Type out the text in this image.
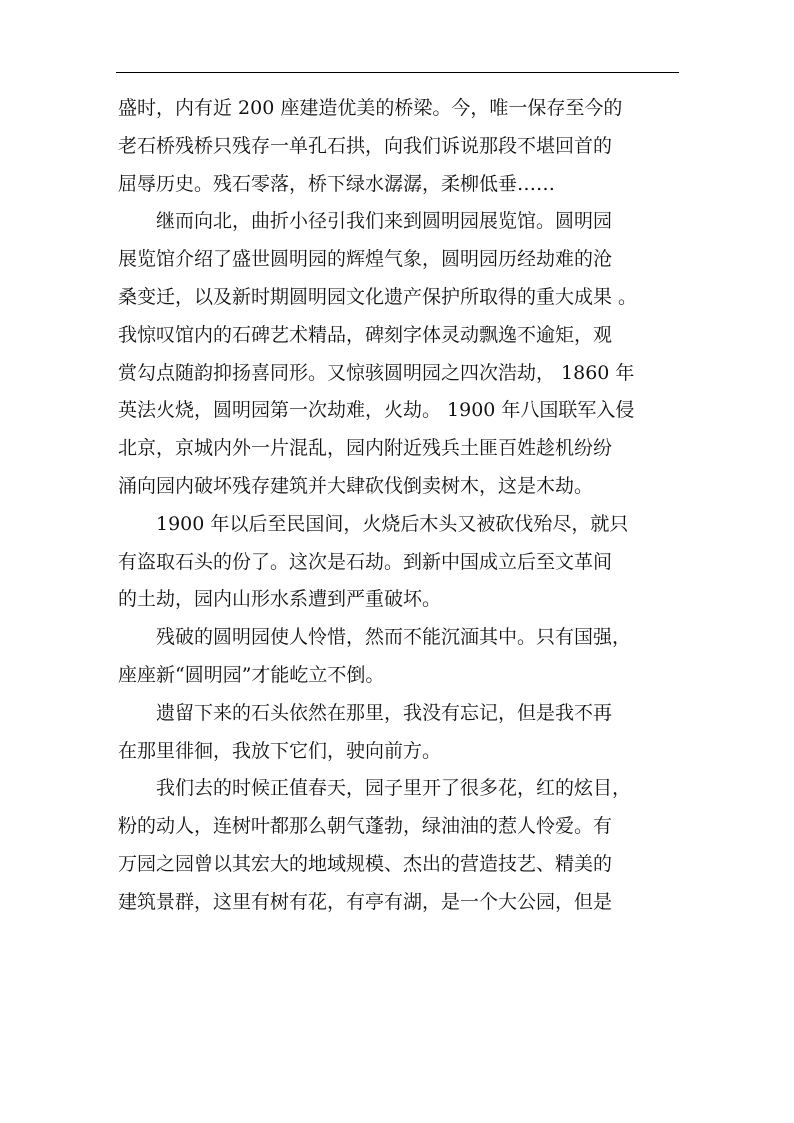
盛时，内有近 200 座建造优美的桥梁。今，唯一保存至今的
老石桥残桥只残存一单孔石拱，向我们诉说那段不堪回首的
屈辱历史。残石零落，桥下绿水潺潺，柔柳低垂……
继而向北，曲折小径引我们来到圆明园展览馆。圆明园
展览馆介绍了盛世圆明园的辉煌气象，圆明园历经劫难的沧
桑变迁，以及新时期圆明园文化遗产保护所取得的重大成果 。
我惊叹馆内的石碑艺术精品，碑刻字体灵动飘逸不逾矩，观
赏勾点随韵抑扬喜同形。又惊骇圆明园之四次浩劫， 1860 年
英法火烧，圆明园第一次劫难，火劫。 1900 年八国联军入侵
北京，京城内外一片混乱，园内附近残兵土匪百姓趁机纷纷
涌向园内破坏残存建筑并大肆砍伐倒卖树木，这是木劫。
1900 年以后至民国间，火烧后木头又被砍伐殆尽，就只
有盗取石头的份了。这次是石劫。到新中国成立后至文革间
的土劫，园内山形水系遭到严重破坏。
残破的圆明园使人怜惜，然而不能沉湎其中。只有国强，
座座新“圆明园”才能屹立不倒。
遗留下来的石头依然在那里，我没有忘记，但是我不再
在那里徘徊，我放下它们，驶向前方。
我们去的时候正值春天，园子里开了很多花，红的炫目，
粉的动人，连树叶都那么朝气蓬勃，绿油油的惹人怜爱。有
万园之园曾以其宏大的地域规模、杰出的营造技艺、精美的
建筑景群，这里有树有花，有亭有湖，是一个大公园，但是
